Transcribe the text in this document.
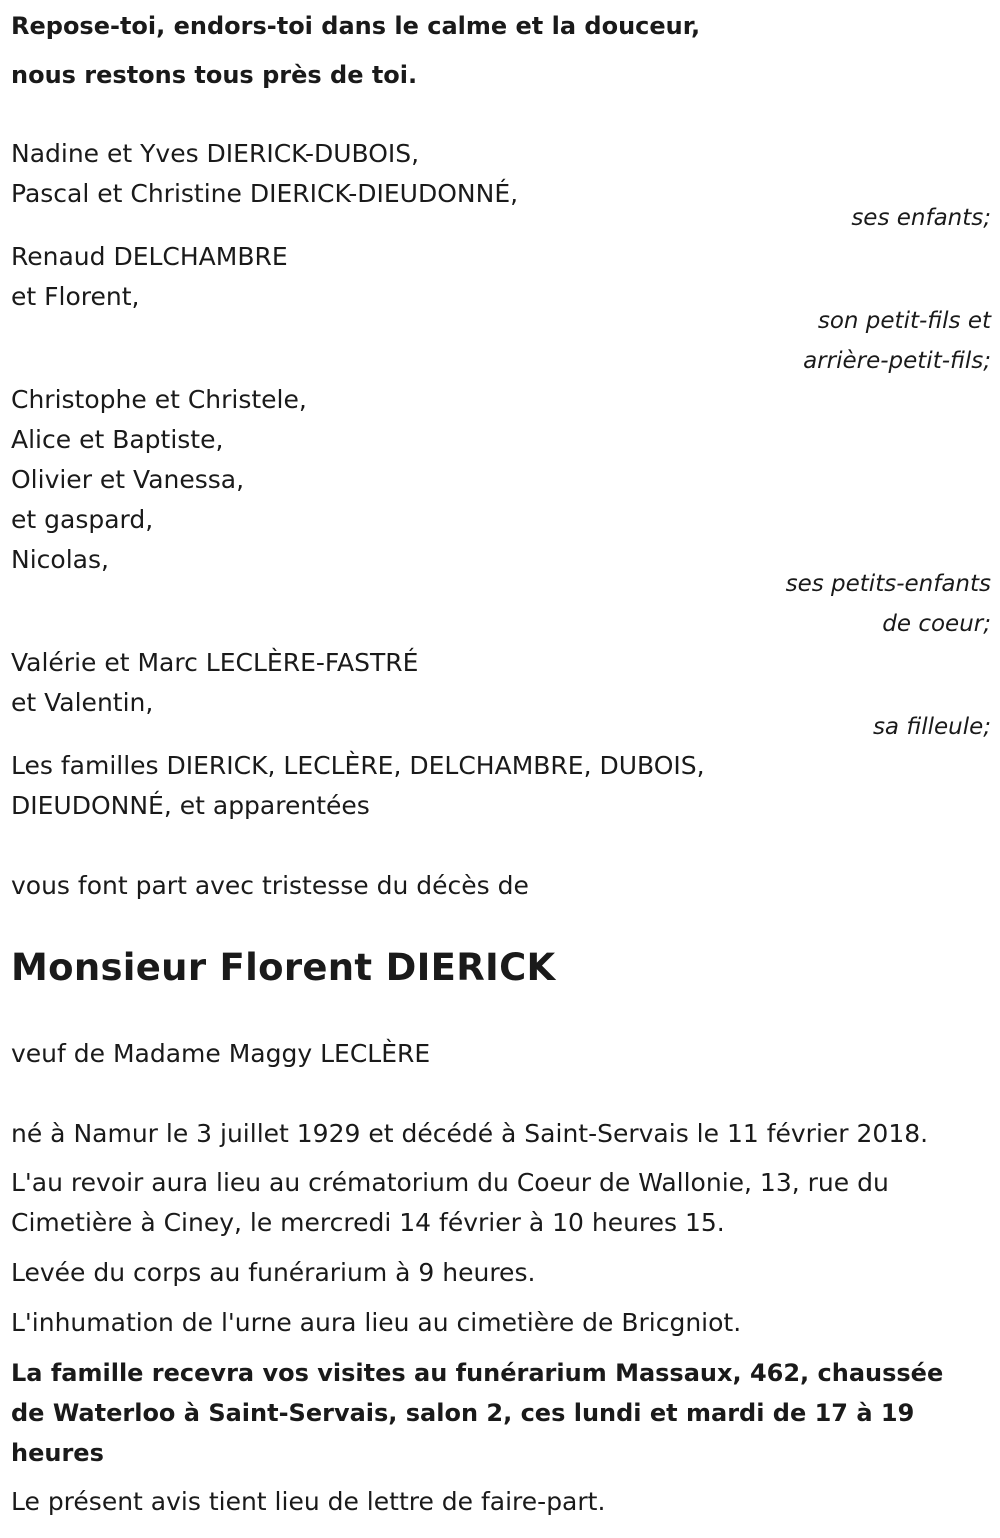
Repose-toi, endors-toi dans le calme et la douceur,
nous restons tous près de toi.
Nadine et Yves DIERICK-DUBOIS,
Pascal et Christine DIERICK-DIEUDONNÉ,
ses enfants;
Renaud DELCHAMBRE
et Florent,
son petit-fils et
arrière-petit-fils;
Christophe et Christele,
Alice et Baptiste,
Olivier et Vanessa,
et gaspard,
Nicolas,
ses petits-enfants
de coeur;
Valérie et Marc LECLÈRE-FASTRÉ
et Valentin,
sa filleule;
Les familles DIERICK, LECLÈRE, DELCHAMBRE, DUBOIS,
DIEUDONNÉ, et apparentées
vous font part avec tristesse du décès de
Monsieur Florent DIERICK
veuf de Madame Maggy LECLÈRE
né à Namur le 3 juillet 1929 et décédé à Saint-Servais le 11 février 2018.
L'au revoir aura lieu au crématorium du Coeur de Wallonie, 13, rue du Cimetière à Ciney, le mercredi 14 février à 10 heures 15.
Levée du corps au funérarium à 9 heures.
L'inhumation de l'urne aura lieu au cimetière de Bricgniot.
La famille recevra vos visites au funérarium Massaux, 462, chaussée de Waterloo à Saint-Servais, salon 2, ces lundi et mardi de 17 à 19 heures
Le présent avis tient lieu de lettre de faire-part.
